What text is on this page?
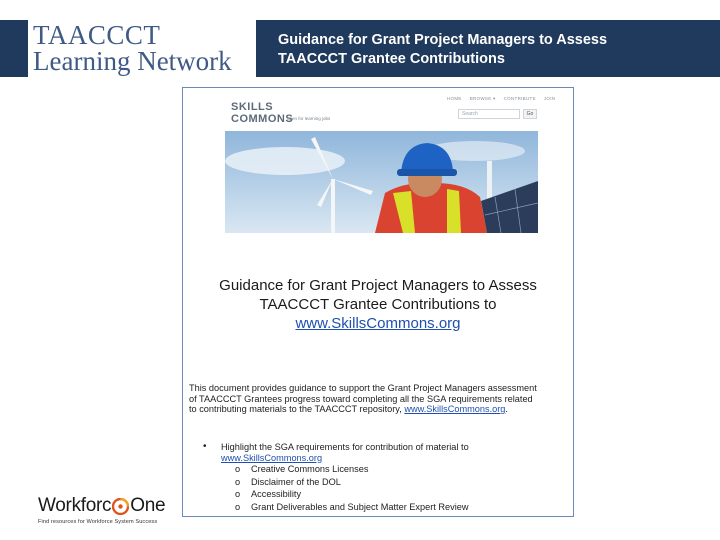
TAACCCT
Learning Network
Guidance for Grant Project Managers to Assess TAACCCT Grantee Contributions
SKILLS COMMONS
open for learning jobs
HOME BROWSE ▾ CONTRIBUTE JOIN
Search	Go
Guidance for Grant Project Managers to Assess
TAACCCT Grantee Contributions to
www.SkillsCommons.org
This document provides guidance to support the Grant Project Managers assessment of TAACCCT Grantees progress toward completing all the SGA requirements related to contributing materials to the TAACCCT repository, www.SkillsCommons.org.
•	Highlight the SGA requirements for contribution of material to
www.SkillsCommons.org
o	Creative Commons Licenses
o	Disclaimer of the DOL
o	Accessibility
o	Grant Deliverables and Subject Matter Expert Review
Workforc One
Find resources for Workforce System Success
